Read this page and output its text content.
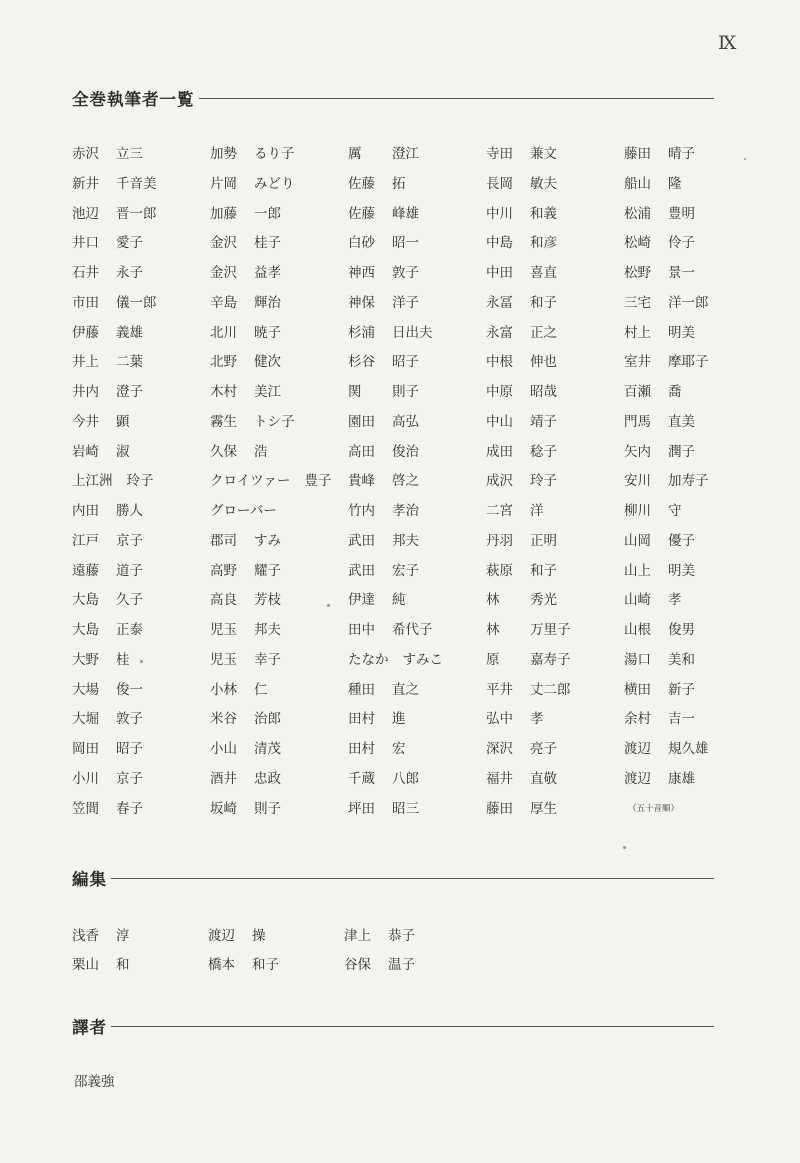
Ⅸ
全巻執筆者一覧
赤沢 立三
新井 千音美
池辺 晋一郎
井口 愛子
石井 永子
市田 儀一郎
伊藤 義雄
井上 二葉
井内 澄子
今井 顕
岩崎 淑
上江洲 玲子
内田 勝人
江戸 京子
遠藤 道子
大島 久子
大島 正泰
大野 桂
大場 俊一
大堀 敦子
岡田 昭子
小川 京子
笠間 春子
加勢 るり子
片岡 みどり
加藤 一郎
金沢 桂子
金沢 益孝
辛島 輝治
北川 暁子
北野 健次
木村 美江
霧生 トシ子
久保 浩
クロイツァー 豊子
グローバー
郡司 すみ
高野 耀子
高良 芳枝
児玉 邦夫
児玉 幸子
小林 仁
米谷 治郎
小山 清茂
酒井 忠政
坂崎 則子
厲 澄江
佐藤 拓
佐藤 峰雄
白砂 昭一
神西 敦子
神保 洋子
杉浦 日出夫
杉谷 昭子
関 則子
園田 高弘
高田 俊治
貴峰 啓之
竹内 孝治
武田 邦夫
武田 宏子
伊達 純
田中 希代子
たなか すみこ
種田 直之
田村 進
田村 宏
千蔵 八郎
坪田 昭三
寺田 兼文
長岡 敏夫
中川 和義
中島 和彦
中田 喜直
永冨 和子
永富 正之
中根 伸也
中原 昭哉
中山 靖子
成田 稔子
成沢 玲子
二宮 洋
丹羽 正明
萩原 和子
林 秀光
林 万里子
原 嘉寿子
平井 丈二郎
弘中 孝
深沢 亮子
福井 直敬
藤田 厚生
藤田 晴子
船山 隆
松浦 豊明
松崎 伶子
松野 景一
三宅 洋一郎
村上 明美
室井 摩耶子
百瀬 喬
門馬 直美
矢内 潤子
安川 加寿子
柳川 守
山岡 優子
山上 明美
山崎 孝
山根 俊男
湯口 美和
横田 新子
余村 吉一
渡辺 規久雄
渡辺 康雄
（五十音順）
編集
浅香 淳
栗山 和
渡辺 操
橋本 和子
津上 恭子
谷保 温子
譯者
邵義強
